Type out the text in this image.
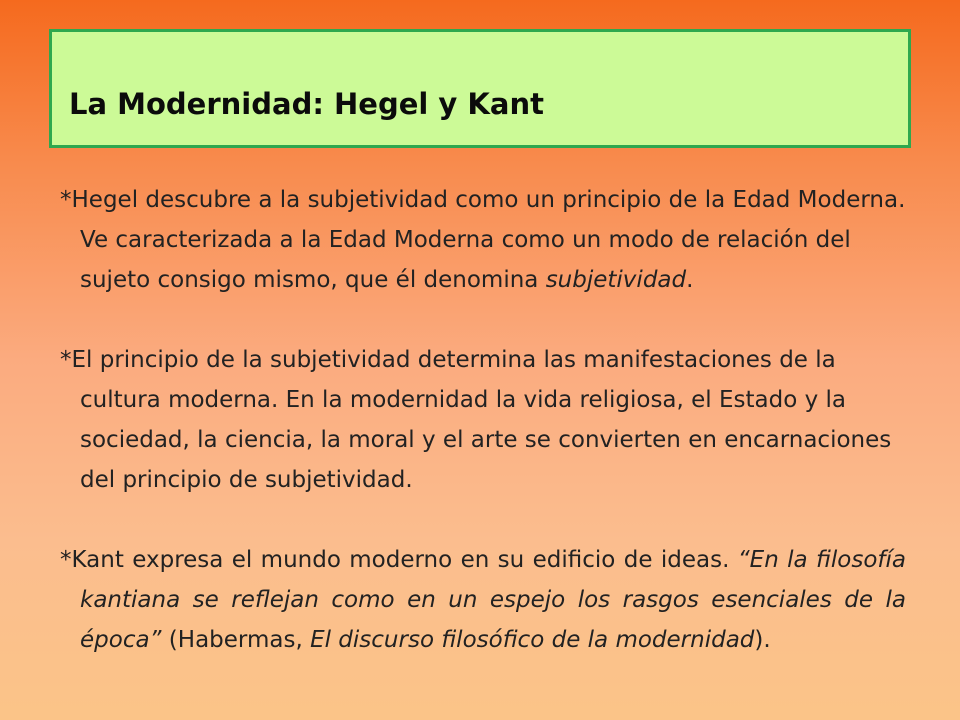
La Modernidad: Hegel y Kant

*Hegel descubre a la subjetividad como un principio de la Edad Moderna. Ve caracterizada a la Edad Moderna como un modo de relación del sujeto consigo mismo, que él denomina subjetividad.

*El principio de la subjetividad determina las manifestaciones de la cultura moderna. En la modernidad la vida religiosa, el Estado y la sociedad, la ciencia, la moral y el arte se convierten en encarnaciones del principio de subjetividad.

*Kant expresa el mundo moderno en su edificio de ideas. “En la filosofía kantiana se reflejan como en un espejo los rasgos esenciales de la época” (Habermas, El discurso filosófico de la modernidad).
